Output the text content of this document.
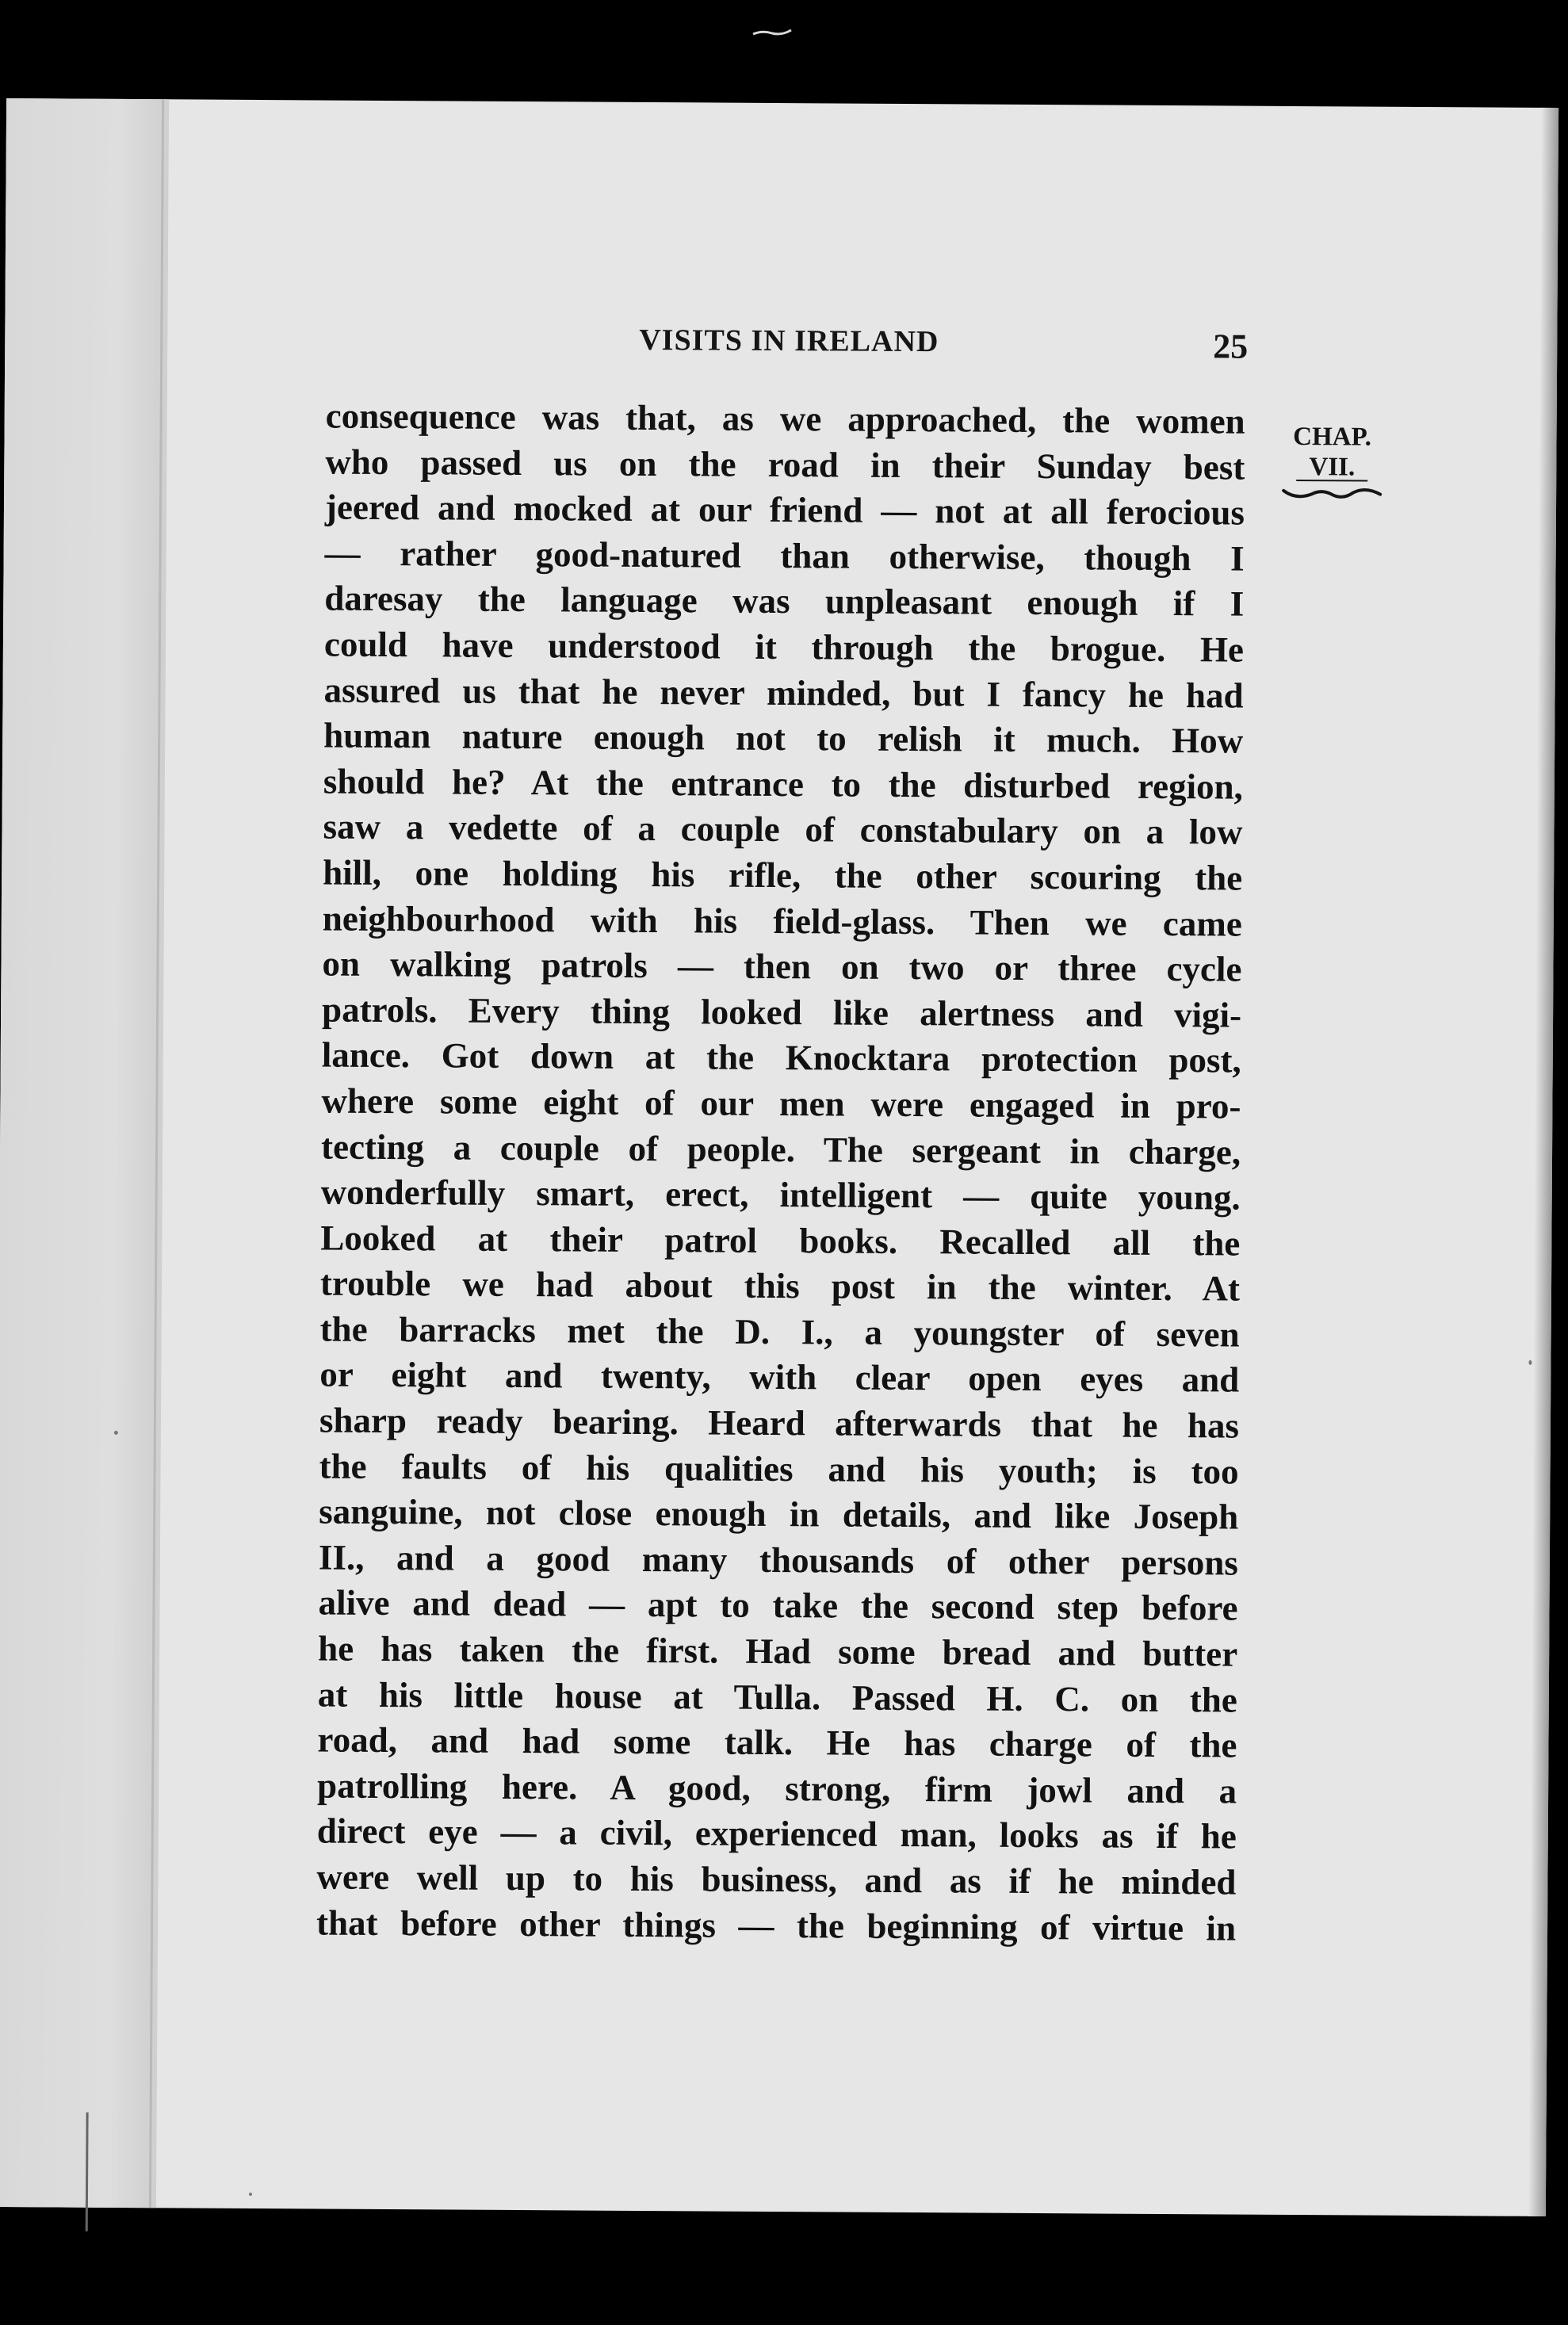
VISITS IN IRELAND	25
CHAP.
VII.
consequence was that, as we approached, the women
who passed us on the road in their Sunday best
jeered and mocked at our friend — not at all ferocious
— rather good-natured than otherwise, though I
daresay the language was unpleasant enough if I
could have understood it through the brogue. He
assured us that he never minded, but I fancy he had
human nature enough not to relish it much. How
should he? At the entrance to the disturbed region,
saw a vedette of a couple of constabulary on a low
hill, one holding his rifle, the other scouring the
neighbourhood with his field-glass. Then we came
on walking patrols — then on two or three cycle
patrols. Every thing looked like alertness and vigi-
lance. Got down at the Knocktara protection post,
where some eight of our men were engaged in pro-
tecting a couple of people. The sergeant in charge,
wonderfully smart, erect, intelligent — quite young.
Looked at their patrol books. Recalled all the
trouble we had about this post in the winter. At
the barracks met the D. I., a youngster of seven
or eight and twenty, with clear open eyes and
sharp ready bearing. Heard afterwards that he has
the faults of his qualities and his youth; is too
sanguine, not close enough in details, and like Joseph
II., and a good many thousands of other persons
alive and dead — apt to take the second step before
he has taken the first. Had some bread and butter
at his little house at Tulla. Passed H. C. on the
road, and had some talk. He has charge of the
patrolling here. A good, strong, firm jowl and a
direct eye — a civil, experienced man, looks as if he
were well up to his business, and as if he minded
that before other things — the beginning of virtue in
